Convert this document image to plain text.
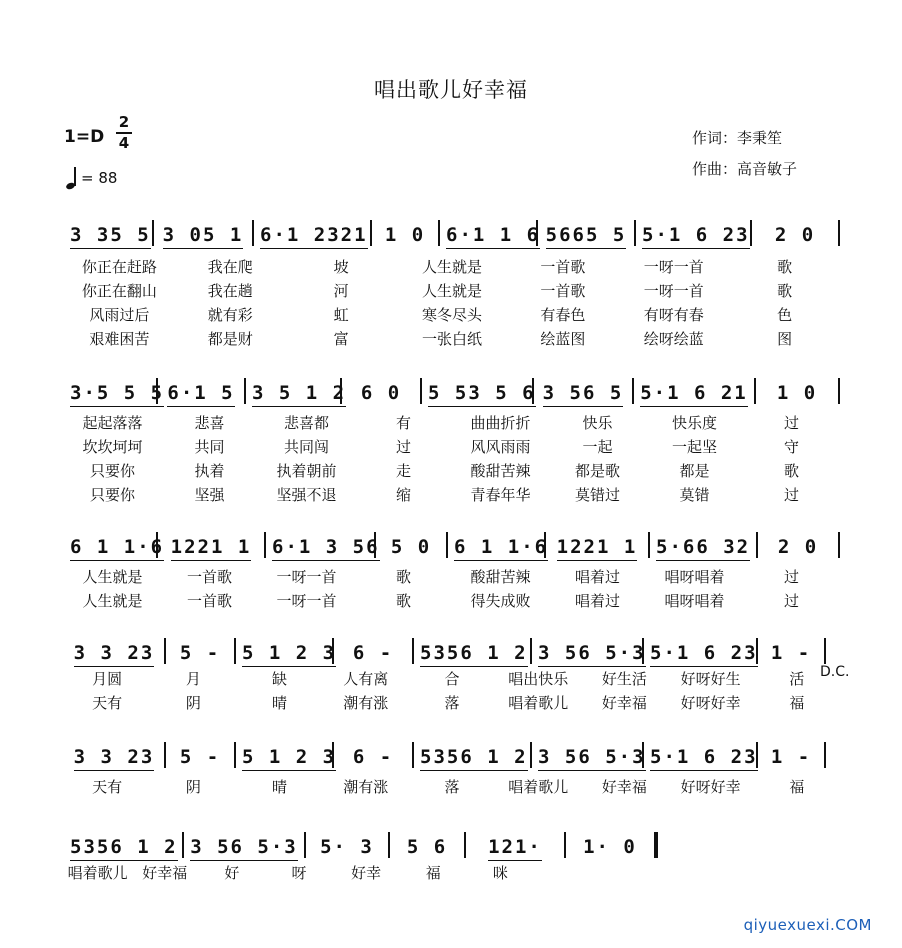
唱出歌儿好幸福
1=D
2
4
= 88
作词：李秉笙
作曲：高音敏子
3 35 5 3 05 1 6·1 2321 1 0 6·1 1 6 5665 5 5·1 6 23 2 0
你正在赶路	我在爬	坡	人生就是	一首歌	一呀一首	歌
你正在翻山	我在趟	河	人生就是	一首歌	一呀一首	歌
风雨过后	就有彩	虹	寒冬尽头	有春色	有呀有春	色
艰难困苦	都是财	富	一张白纸	绘蓝图	绘呀绘蓝	图
3·5 5 5 6·1 5 3 5 1 2 6 0 5 53 5 6 3 56 5 5·1 6 21 1 0
起起落落	悲喜	悲喜都	有	曲曲折折	快乐	快乐度	过
坎坎坷坷	共同	共同闯	过	风风雨雨	一起	一起坚	守
只要你	执着	执着朝前	走	酸甜苦辣	都是歌	都是	歌
只要你	坚强	坚强不退	缩	青春年华	莫错过	莫错	过
6 1 1·6 1221 1 6·1 3 56 5 0 6 1 1·6 1221 1 5·66 32 2 0
人生就是	一首歌	一呀一首	歌	酸甜苦辣	唱着过	唱呀唱着	过
人生就是	一首歌	一呀一首	歌	得失成败	唱着过	唱呀唱着	过
3 3 23 5 - 5 1 2 3 6 - 5356 1 2 3 56 5·3 5·1 6 23 1 -
D.C.
月圆	月	缺	人有离	合	唱出快乐	好生活	好呀好生	活
天有	阴	晴	潮有涨	落	唱着歌儿	好幸福	好呀好幸	福
3 3 23 5 - 5 1 2 3 6 - 5356 1 2 3 56 5·3 5·1 6 23 1 -
天有	阴	晴	潮有涨	落	唱着歌儿	好幸福	好呀好幸	福
5356 1 2 3 56 5·3 5· 3 5 6 121· 1· 0
唱着歌儿 好幸福	好	呀	好幸	福	咪
qiyuexuexi.COM
